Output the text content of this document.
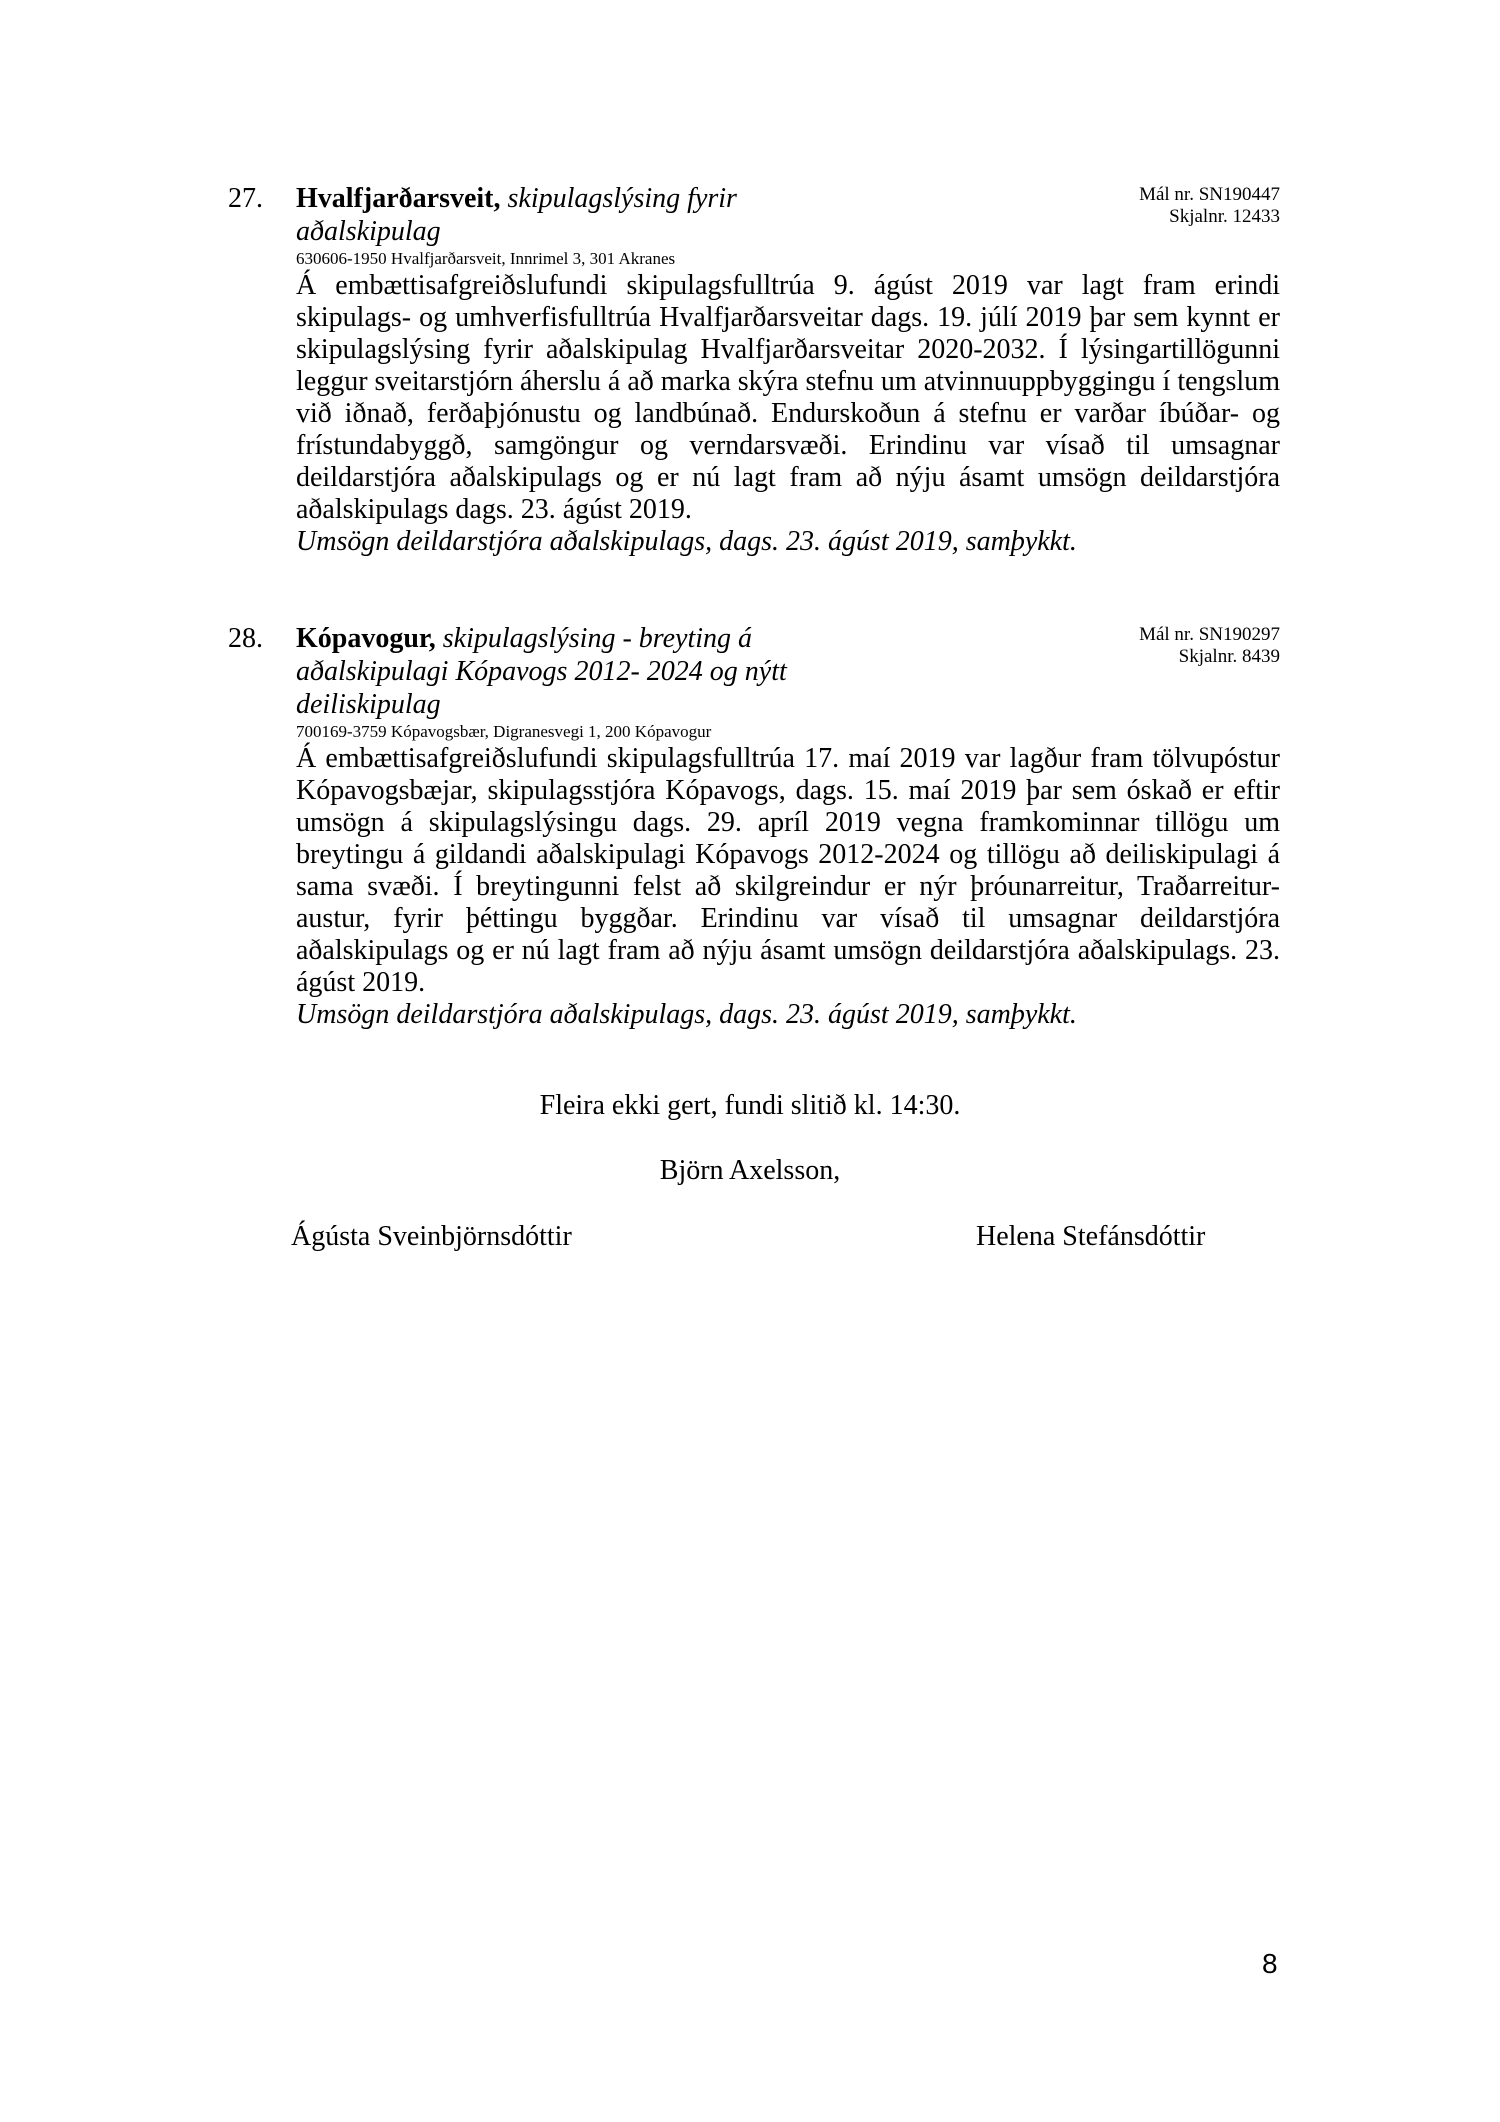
27. Hvalfjarðarsveit, skipulagslýsing fyrir aðalskipulag
Mál nr. SN190447
Skjalnr. 12433
630606-1950 Hvalfjarðarsveit, Innrimel 3, 301 Akranes
Á embættisafgreiðslufundi skipulagsfulltrúa 9. ágúst 2019 var lagt fram erindi skipulags- og umhverfisfulltrúa Hvalfjarðarsveitar dags. 19. júlí 2019 þar sem kynnt er skipulagslýsing fyrir aðalskipulag Hvalfjarðarsveitar 2020-2032. Í lýsingartillögunni leggur sveitarstjórn áherslu á að marka skýra stefnu um atvinnuuppbyggingu í tengslum við iðnað, ferðaþjónustu og landbúnað. Endurskoðun á stefnu er varðar íbúðar- og frístundabyggð, samgöngur og verndarsvæði. Erindinu var vísað til umsagnar deildarstjóra aðalskipulags og er nú lagt fram að nýju ásamt umsögn deildarstjóra aðalskipulags dags. 23. ágúst 2019.
Umsögn deildarstjóra aðalskipulags, dags. 23. ágúst 2019, samþykkt.
28. Kópavogur, skipulagslýsing - breyting á aðalskipulagi Kópavogs 2012- 2024 og nýtt deiliskipulag
Mál nr. SN190297
Skjalnr. 8439
700169-3759 Kópavogsbær, Digranesvegi 1, 200 Kópavogur
Á embættisafgreiðslufundi skipulagsfulltrúa 17. maí 2019 var lagður fram tölvupóstur Kópavogsbæjar, skipulagsstjóra Kópavogs, dags. 15. maí 2019 þar sem óskað er eftir umsögn á skipulagslýsingu dags. 29. apríl 2019 vegna framkominnar tillögu um breytingu á gildandi aðalskipulagi Kópavogs 2012-2024 og tillögu að deiliskipulagi á sama svæði. Í breytingunni felst að skilgreindur er nýr þróunarreitur, Traðarreitur-austur, fyrir þéttingu byggðar. Erindinu var vísað til umsagnar deildarstjóra aðalskipulags og er nú lagt fram að nýju ásamt umsögn deildarstjóra aðalskipulags. 23. ágúst 2019.
Umsögn deildarstjóra aðalskipulags, dags. 23. ágúst 2019, samþykkt.
Fleira ekki gert, fundi slitið kl. 14:30.
Björn Axelsson,
Ágústa Sveinbjörnsdóttir	Helena Stefánsdóttir
8
